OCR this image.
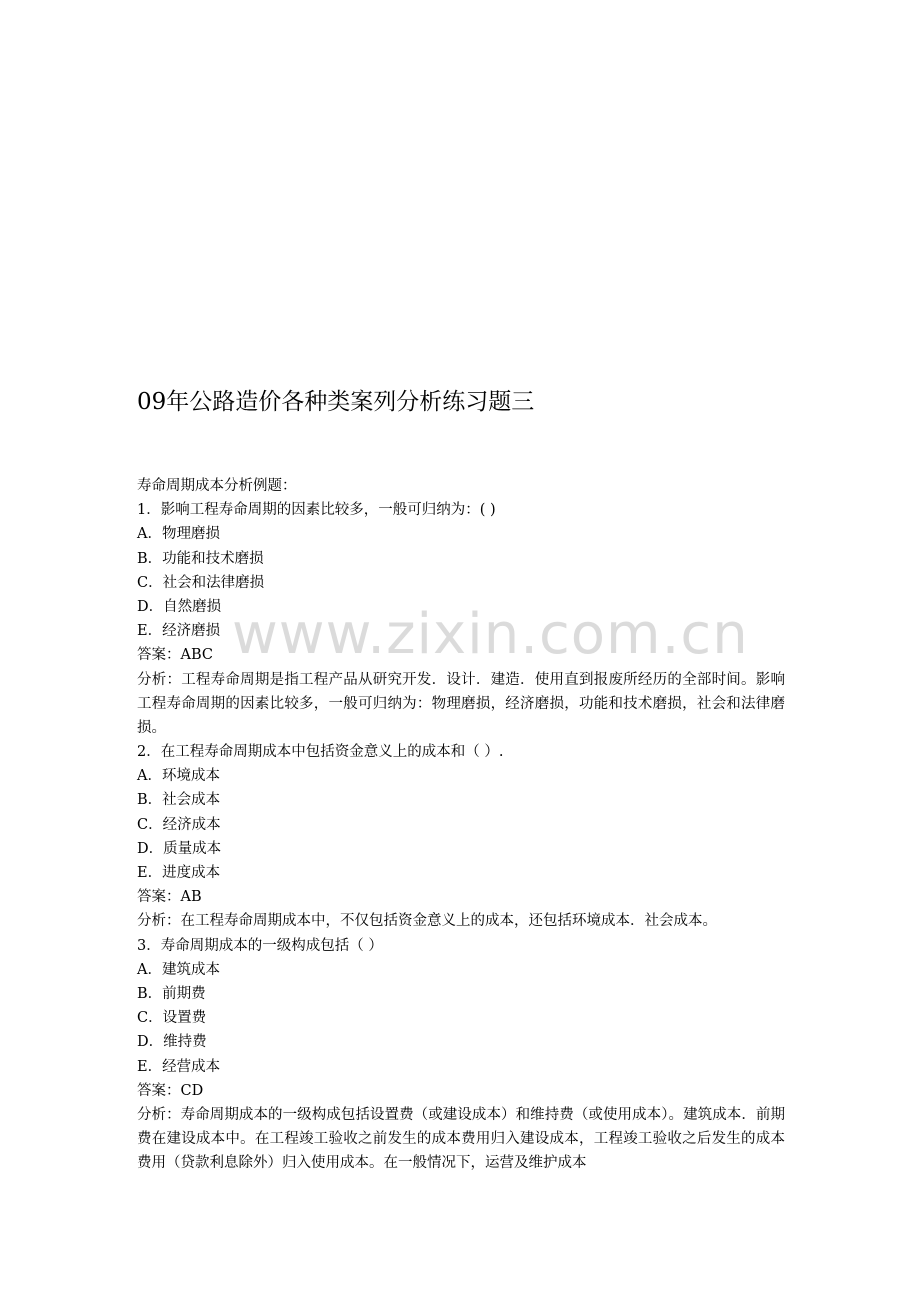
09年公路造价各种类案列分析练习题三
www.zixin.com.cn
寿命周期成本分析例题：
1．影响工程寿命周期的因素比较多，一般可归纳为：( )
A．物理磨损
B．功能和技术磨损
C．社会和法律磨损
D．自然磨损
E．经济磨损
答案：ABC
分析：工程寿命周期是指工程产品从研究开发．设计．建造．使用直到报废所经历的全部时间。影响工程寿命周期的因素比较多，一般可归纳为：物理磨损，经济磨损，功能和技术磨损，社会和法律磨损。
2．在工程寿命周期成本中包括资金意义上的成本和（ ）.
A．环境成本
B．社会成本
C．经济成本
D．质量成本
E．进度成本
答案：AB
分析：在工程寿命周期成本中，不仅包括资金意义上的成本，还包括环境成本．社会成本。
3．寿命周期成本的一级构成包括（ ）
A．建筑成本
B．前期费
C．设置费
D．维持费
E．经营成本
答案：CD
分析：寿命周期成本的一级构成包括设置费（或建设成本）和维持费（或使用成本）。建筑成本．前期费在建设成本中。在工程竣工验收之前发生的成本费用归入建设成本，工程竣工验收之后发生的成本费用（贷款利息除外）归入使用成本。在一般情况下，运营及维护成本
